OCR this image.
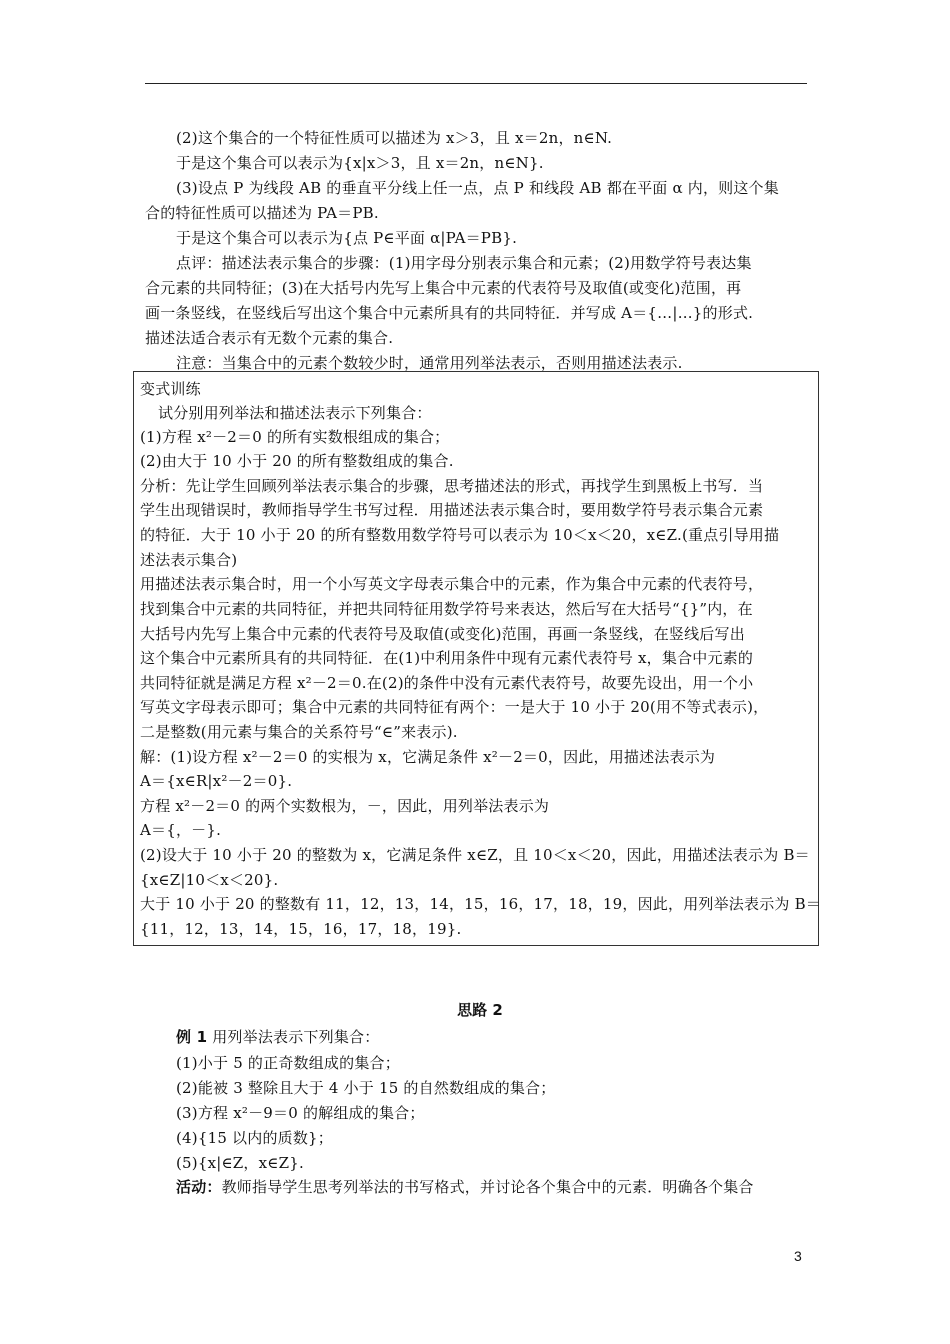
(2)这个集合的一个特征性质可以描述为 x＞3，且 x＝2n，n∈N.
于是这个集合可以表示为{x|x＞3，且 x＝2n，n∈N}.
(3)设点 P 为线段 AB 的垂直平分线上任一点，点 P 和线段 AB 都在平面 α 内，则这个集
合的特征性质可以描述为 PA＝PB.
于是这个集合可以表示为{点 P∈平面 α|PA＝PB}.
点评：描述法表示集合的步骤：(1)用字母分别表示集合和元素；(2)用数学符号表达集
合元素的共同特征；(3)在大括号内先写上集合中元素的代表符号及取值(或变化)范围，再
画一条竖线，在竖线后写出这个集合中元素所具有的共同特征．并写成 A＝{…|…}的形式.
描述法适合表示有无数个元素的集合.
注意：当集合中的元素个数较少时，通常用列举法表示，否则用描述法表示.
变式训练
试分别用列举法和描述法表示下列集合：
(1)方程 x²－2＝0 的所有实数根组成的集合；
(2)由大于 10 小于 20 的所有整数组成的集合.
分析：先让学生回顾列举法表示集合的步骤，思考描述法的形式，再找学生到黑板上书写．当
学生出现错误时，教师指导学生书写过程．用描述法表示集合时，要用数学符号表示集合元素
的特征．大于 10 小于 20 的所有整数用数学符号可以表示为 10＜x＜20，x∈Z.(重点引导用描
述法表示集合)
用描述法表示集合时，用一个小写英文字母表示集合中的元素，作为集合中元素的代表符号，
找到集合中元素的共同特征，并把共同特征用数学符号来表达，然后写在大括号“{}”内，在
大括号内先写上集合中元素的代表符号及取值(或变化)范围，再画一条竖线，在竖线后写出
这个集合中元素所具有的共同特征．在(1)中利用条件中现有元素代表符号 x，集合中元素的
共同特征就是满足方程 x²－2＝0.在(2)的条件中没有元素代表符号，故要先设出，用一个小
写英文字母表示即可；集合中元素的共同特征有两个：一是大于 10 小于 20(用不等式表示)，
二是整数(用元素与集合的关系符号“∈”来表示).
解：(1)设方程 x²－2＝0 的实根为 x，它满足条件 x²－2＝0，因此，用描述法表示为
A＝{x∈R|x²－2＝0}.
方程 x²－2＝0 的两个实数根为，－，因此，用列举法表示为
A＝{，－}.
(2)设大于 10 小于 20 的整数为 x，它满足条件 x∈Z，且 10＜x＜20，因此，用描述法表示为 B＝
{x∈Z|10＜x＜20}.
大于 10 小于 20 的整数有 11，12，13，14，15，16，17，18，19，因此，用列举法表示为 B＝
{11，12，13，14，15，16，17，18，19}.
思路 2
例 1 用列举法表示下列集合：
(1)小于 5 的正奇数组成的集合；
(2)能被 3 整除且大于 4 小于 15 的自然数组成的集合；
(3)方程 x²－9＝0 的解组成的集合；
(4){15 以内的质数}；
(5){x|∈Z，x∈Z}.
活动：教师指导学生思考列举法的书写格式，并讨论各个集合中的元素．明确各个集合
3
